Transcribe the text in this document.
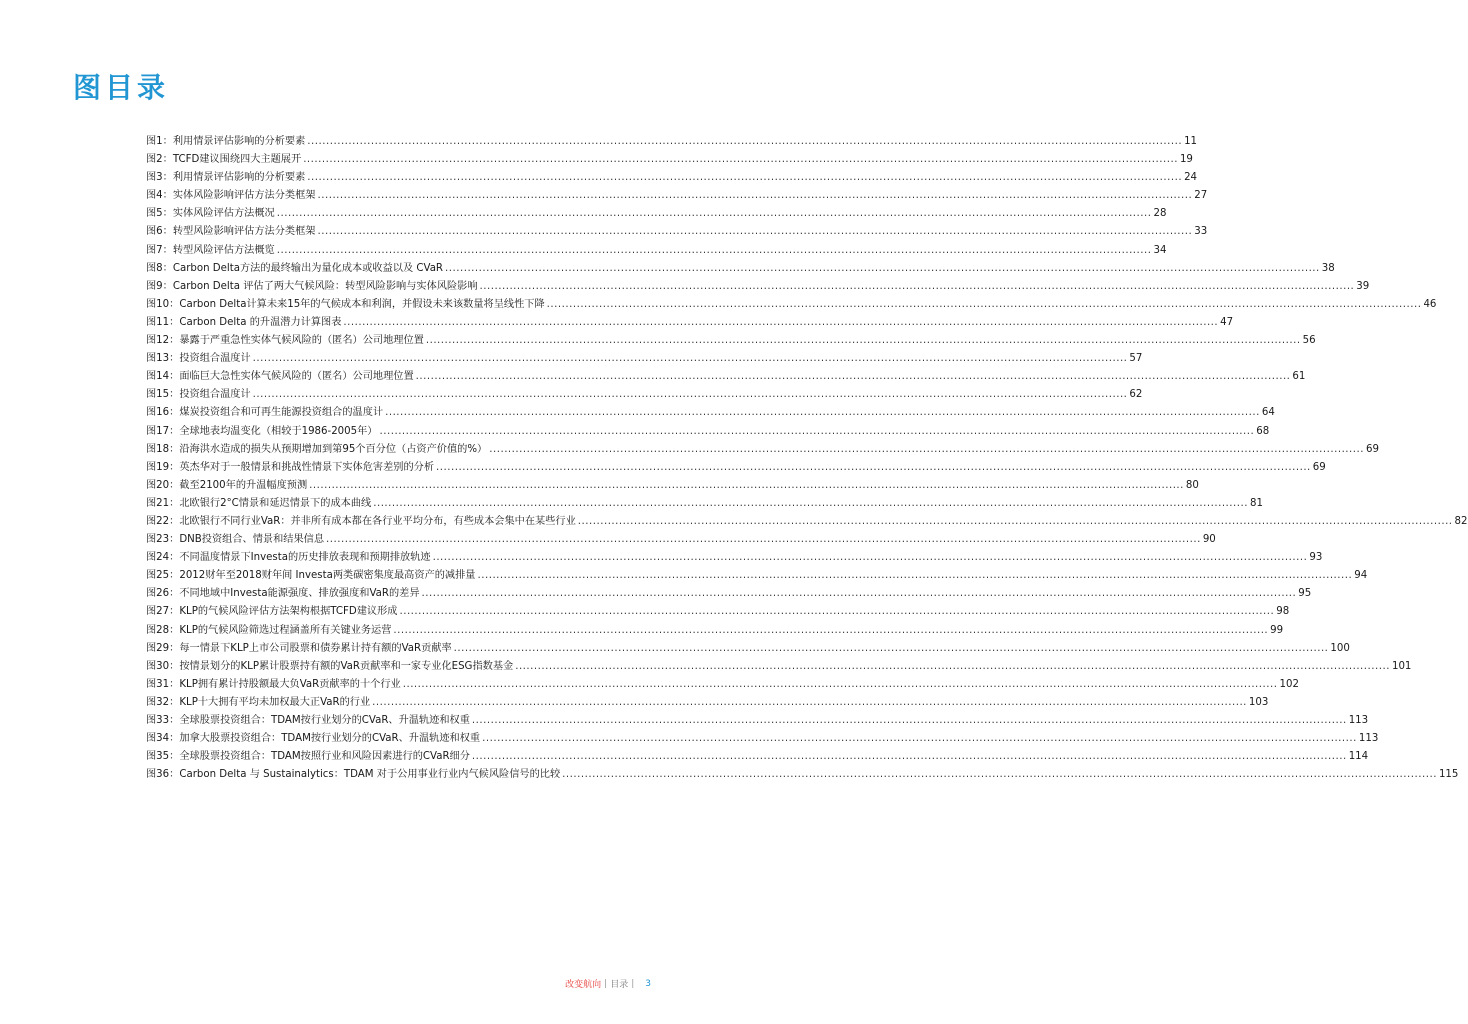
图目录
图1：利用情景评估影响的分析要素 .....	11
图2：TCFD建议围绕四大主题展开 .....	19
图3：利用情景评估影响的分析要素 .....	24
图4：实体风险影响评估方法分类框架 .....	27
图5：实体风险评估方法概况 .....	28
图6：转型风险影响评估方法分类框架 .....	33
图7：转型风险评估方法概览 .....	34
图8：Carbon Delta方法的最终输出为量化成本或收益以及 CVaR .....	38
图9：Carbon Delta 评估了两大气候风险：转型风险影响与实体风险影响 .....	39
图10：Carbon Delta计算未来15年的气候成本和利润，并假设未来该数量将呈线性下降 .....	46
图11：Carbon Delta 的升温潜力计算图表 .....	47
图12：暴露于严重急性实体气候风险的（匿名）公司地理位置 .....	56
图13：投资组合温度计 .....	57
图14：面临巨大急性实体气候风险的（匿名）公司地理位置 .....	61
图15：投资组合温度计 .....	62
图16：煤炭投资组合和可再生能源投资组合的温度计 .....	64
图17：全球地表均温变化（相较于1986-2005年） .....	68
图18：沿海洪水造成的损失从预期增加到第95个百分位（占资产价值的%） .....	69
图19：英杰华对于一般情景和挑战性情景下实体危害差别的分析 .....	69
图20：截至2100年的升温幅度预测 .....	80
图21：北欧银行2°C情景和延迟情景下的成本曲线 .....	81
图22：北欧银行不同行业VaR：并非所有成本都在各行业平均分布，有些成本会集中在某些行业 .....	82
图23：DNB投资组合、情景和结果信息 .....	90
图24：不同温度情景下Investa的历史排放表现和预期排放轨迹 .....	93
图25：2012财年至2018财年间 Investa两类碳密集度最高资产的减排量 .....	94
图26：不同地域中Investa能源强度、排放强度和VaR的差异 .....	95
图27：KLP的气候风险评估方法架构根据TCFD建议形成 .....	98
图28：KLP的气候风险筛选过程涵盖所有关键业务运营 .....	99
图29：每一情景下KLP上市公司股票和债券累计持有额的VaR贡献率 .....	100
图30：按情景划分的KLP累计股票持有额的VaR贡献率和一家专业化ESG指数基金 .....	101
图31：KLP拥有累计持股额最大负VaR贡献率的十个行业 .....	102
图32：KLP十大拥有平均未加权最大正VaR的行业 .....	103
图33：全球股票投资组合：TDAM按行业划分的CVaR、升温轨迹和权重 .....	113
图34：加拿大股票投资组合：TDAM按行业划分的CVaR、升温轨迹和权重 .....	113
图35：全球股票投资组合：TDAM按照行业和风险因素进行的CVaR细分 .....	114
图36：Carbon Delta 与 Sustainalytics：TDAM 对于公用事业行业内气候风险信号的比较 .....	115
改变航向 | 目录 | 3
